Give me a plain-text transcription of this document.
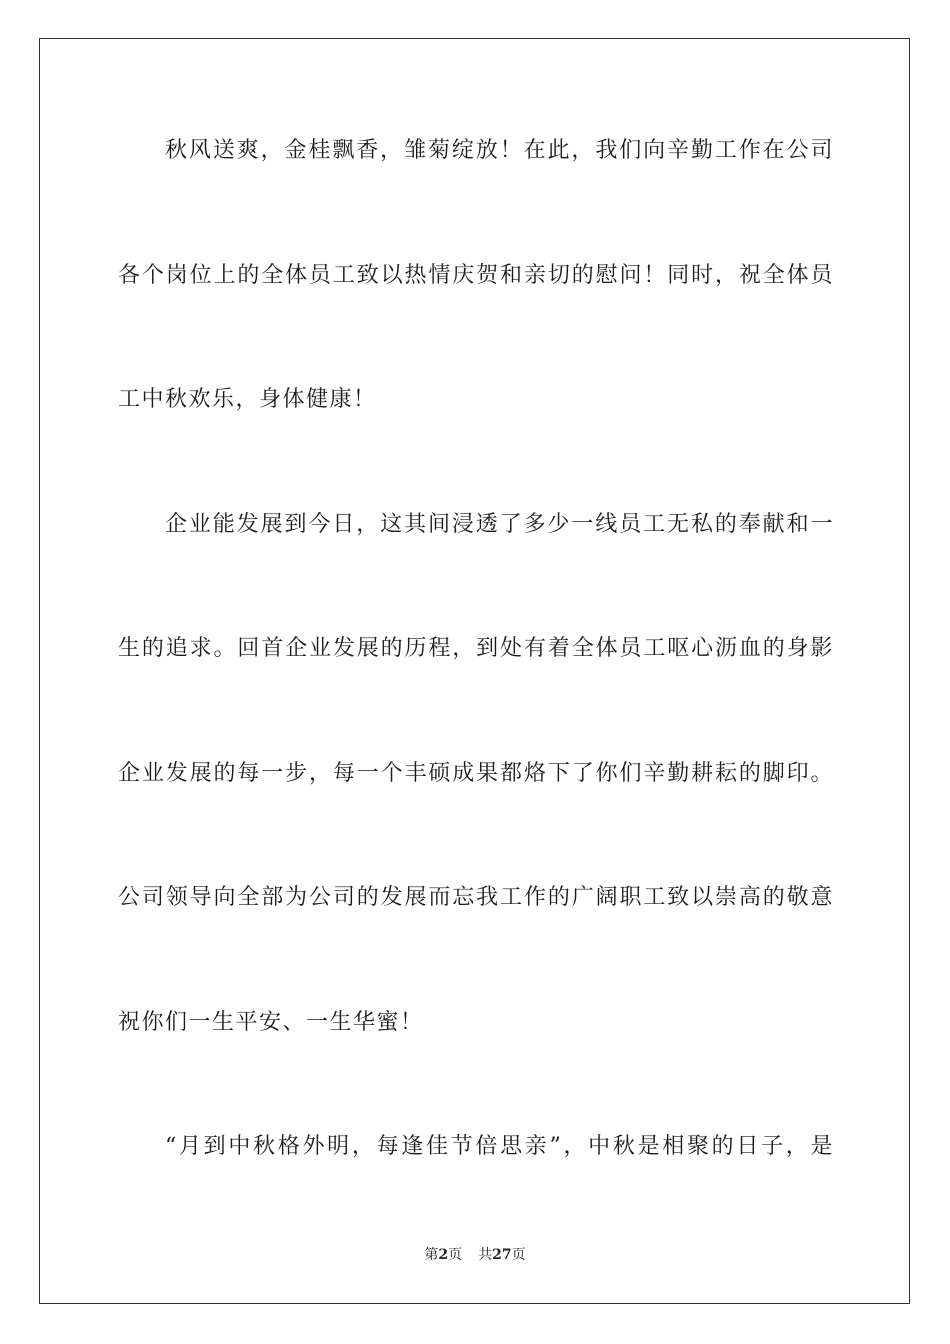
秋风送爽，金桂飘香，雏菊绽放！在此，我们向辛勤工作在公司
各个岗位上的全体员工致以热情庆贺和亲切的慰问！同时，祝全体员
工中秋欢乐，身体健康！
企业能发展到今日，这其间浸透了多少一线员工无私的奉献和一
生的追求。回首企业发展的历程，到处有着全体员工呕心沥血的身影
企业发展的每一步，每一个丰硕成果都烙下了你们辛勤耕耘的脚印。
公司领导向全部为公司的发展而忘我工作的广阔职工致以崇高的敬意
祝你们一生平安、一生华蜜！
“月到中秋格外明，每逢佳节倍思亲”，中秋是相聚的日子，是
第2页 共27页
